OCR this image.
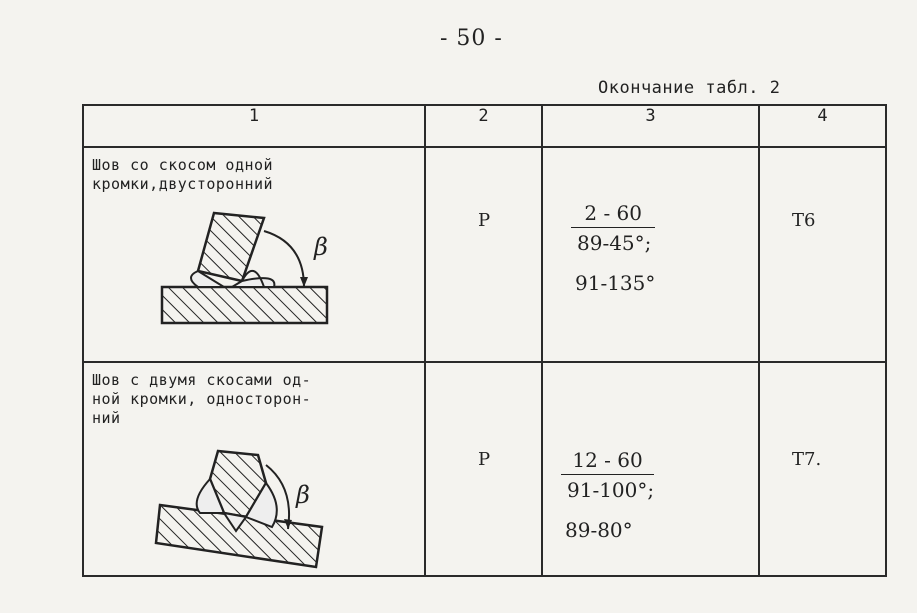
- 50 -
Окончание табл. 2
1	2	3	4

Шов со скосом одной
кромки,двусторонний
β	Р	2 - 60
89-45°;
91-135°	Т6

Шов с двумя скосами од-
ной кромки, односторон-
ний
β	Р	12 - 60
91-100°;
89-80°	Т7.
